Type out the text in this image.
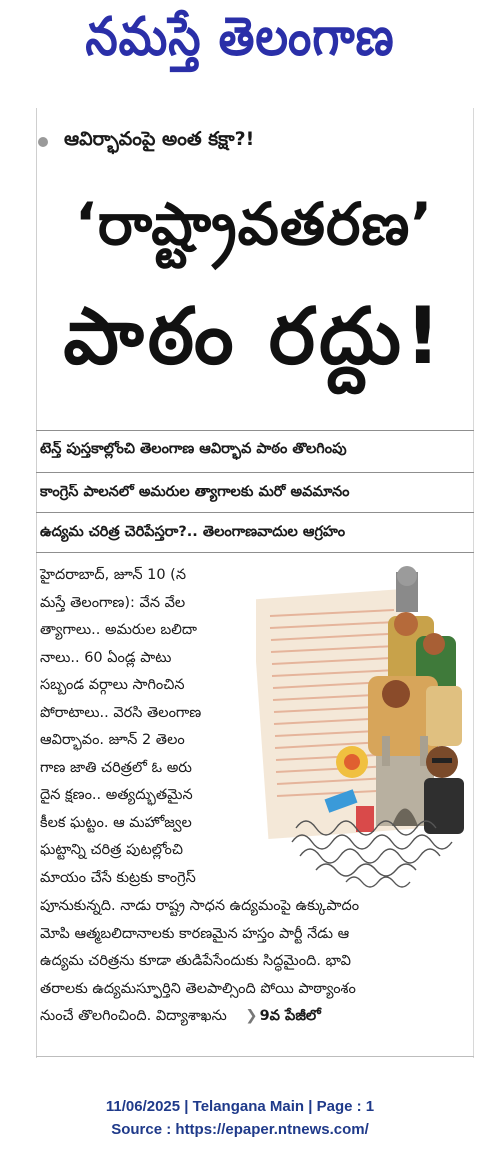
నమస్తే తెలంగాణ
ఆవిర్భావంపై అంత కక్షా?!
‘రాష్ట్రావతరణ’
పాఠం రద్దు!
టెన్త్ పుస్తకాల్లోంచి తెలంగాణ ఆవిర్భావ పాఠం తొలగింపు
కాంగ్రెస్ పాలనలో అమరుల త్యాగాలకు మరో అవమానం
ఉద్యమ చరిత్ర చెరిపేస్తరా?.. తెలంగాణవాదుల ఆగ్రహం

హైదరాబాద్, జూన్ 10 (న

మస్తే తెలంగాణ): వేన వేల

త్యాగాలు.. అమరుల బలిదా

నాలు.. 60 ఏండ్ల పాటు

సబ్బండ వర్గాలు సాగించిన

పోరాటాలు.. వెరసి తెలంగాణ

ఆవిర్భావం. జూన్ 2 తెలం

గాణ జాతి చరిత్రలో ఓ అరు

దైన క్షణం.. అత్యద్భుతమైన

కీలక ఘట్టం. ఆ మహోజ్వల

ఘట్టాన్ని చరిత్ర పుటల్లోంచి

మాయం చేసే కుట్రకు కాంగ్రెస్

పూనుకున్నది. నాడు రాష్ట్ర సాధన ఉద్యమంపై ఉక్కుపాదం

మోపి ఆత్మబలిదానాలకు కారణమైన హస్తం పార్టీ నేడు ఆ

ఉద్యమ చరిత్రను కూడా తుడిపేసేందుకు సిద్ధమైంది. భావి

తరాలకు ఉద్యమస్ఫూర్తిని తెలపాల్సింది పోయి పాఠ్యాంశం

నుంచే తొలగించింది. విద్యాశాఖను ❯ 9వ పేజీలో

11/06/2025 | Telangana Main | Page : 1
Source : https://epaper.ntnews.com/
